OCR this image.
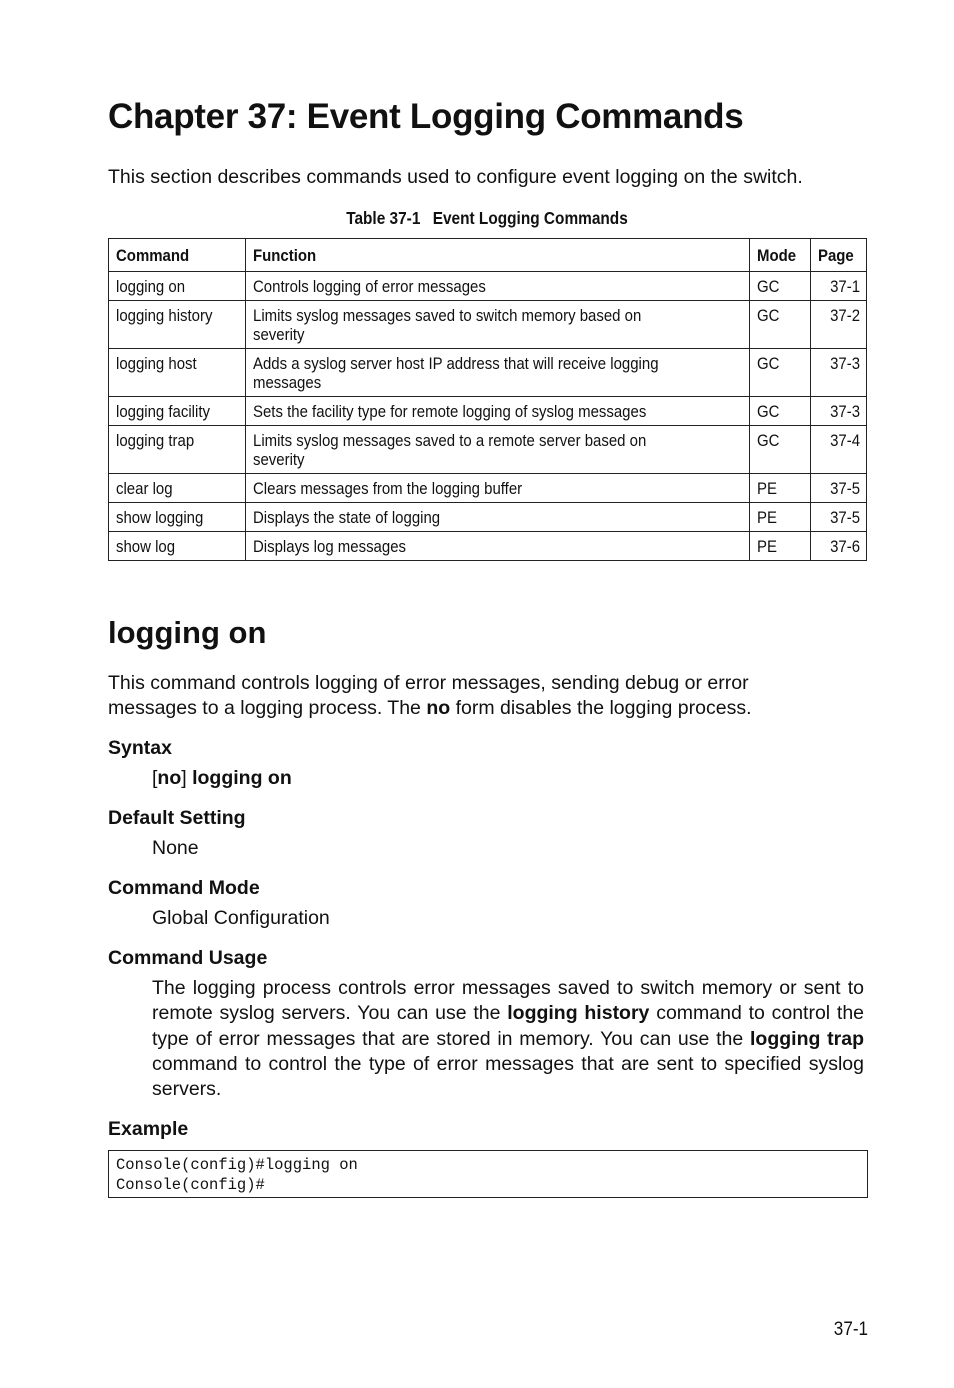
Chapter 37: Event Logging Commands

This section describes commands used to configure event logging on the switch.

Table 37-1 Event Logging Commands
Command	Function	Mode	Page
logging on	Controls logging of error messages	GC	37-1
logging history	Limits syslog messages saved to switch memory based on severity	GC	37-2
logging host	Adds a syslog server host IP address that will receive logging messages	GC	37-3
logging facility	Sets the facility type for remote logging of syslog messages	GC	37-3
logging trap	Limits syslog messages saved to a remote server based on severity	GC	37-4
clear log	Clears messages from the logging buffer	PE	37-5
show logging	Displays the state of logging	PE	37-5
show log	Displays log messages	PE	37-6
logging on

This command controls logging of error messages, sending debug or error messages to a logging process. The no form disables the logging process.

Syntax

[no] logging on

Default Setting

None

Command Mode

Global Configuration

Command Usage

The logging process controls error messages saved to switch memory or sent to remote syslog servers. You can use the logging history command to control the type of error messages that are stored in memory. You can use the logging trap command to control the type of error messages that are sent to specified syslog servers.

Example
Console(config)#logging on
Console(config)#
37-1
